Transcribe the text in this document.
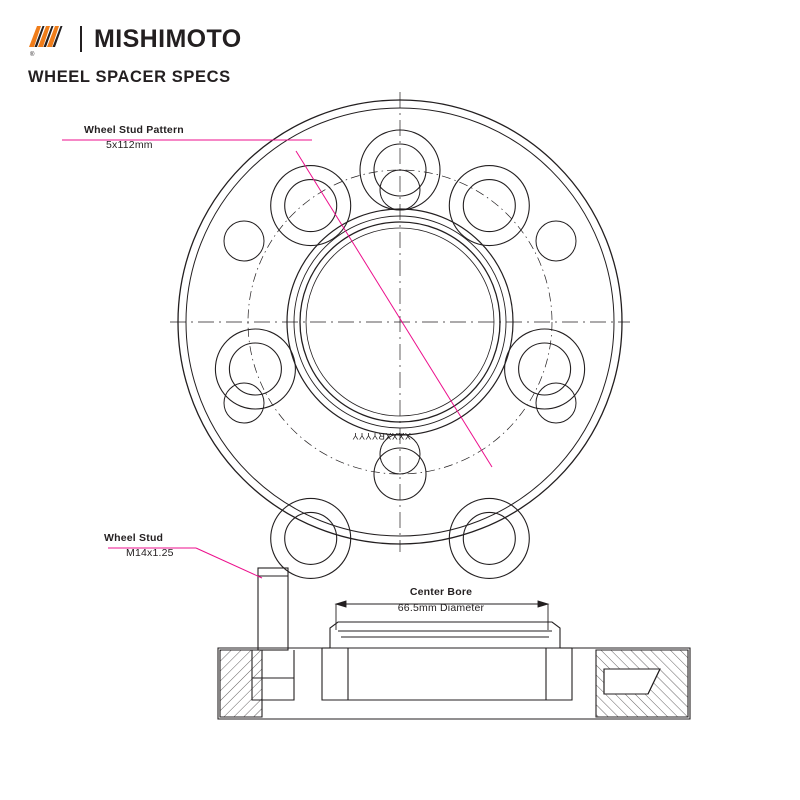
MISHIMOTO
WHEEL SPACER SPECS
®
Wheel Stud Pattern
5x112mm
Wheel Stud
M14x1.25
Center Bore
66.5mm Diameter
XXXXRYYYY
